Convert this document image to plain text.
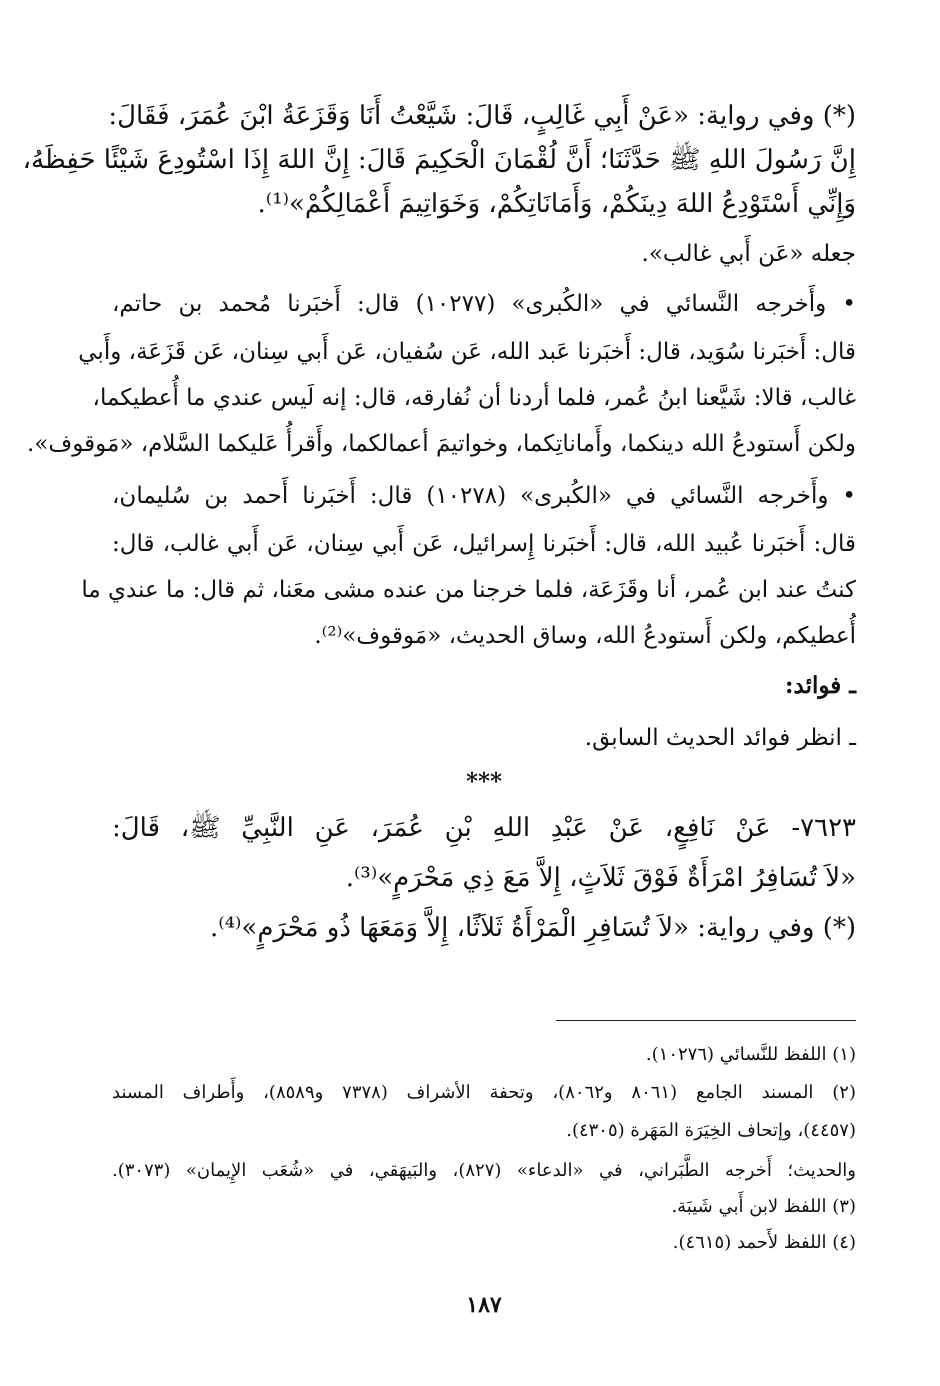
(*) وفي رواية: «عَنْ أَبِي غَالِبٍ، قَالَ: شَيَّعْتُ أَنَا وَقَزَعَةُ ابْنَ عُمَرَ، فَقَالَ:
إِنَّ رَسُولَ اللهِ ﷺ حَدَّثَنَا؛ أَنَّ لُقْمَانَ الْحَكِيمَ قَالَ: إِنَّ اللهَ إِذَا اسْتُودِعَ شَيْئًا حَفِظَهُ،
وَإِنِّي أَسْتَوْدِعُ اللهَ دِينَكُمْ، وَأَمَانَاتِكُمْ، وَخَوَاتِيمَ أَعْمَالِكُمْ»⁽¹⁾.
جعله «عَن أَبي غالب».
• وأَخرجه النَّسائي في «الكُبرى» (١٠٢٧٧) قال: أَخبَرنا مُحمد بن حاتم،
قال: أَخبَرنا سُوَيد، قال: أَخبَرنا عَبد الله، عَن سُفيان، عَن أَبي سِنان، عَن قَزَعَة، وأَبي
غالب، قالا: شَيَّعنا ابنُ عُمر، فلما أردنا أن نُفارقه، قال: إنه لَيس عندي ما أُعطيكما،
ولكن أَستودعُ الله دينكما، وأَماناتِكما، وخواتيمَ أعمالكما، وأَقرأُ عَليكما السَّلام، «مَوقوف».
• وأَخرجه النَّسائي في «الكُبرى» (١٠٢٧٨) قال: أَخبَرنا أَحمد بن سُليمان،
قال: أَخبَرنا عُبيد الله، قال: أَخبَرنا إِسرائيل، عَن أَبي سِنان، عَن أَبي غالب، قال:
كنتُ عند ابن عُمر، أنا وقَزَعَة، فلما خرجنا من عنده مشى معَنا، ثم قال: ما عندي ما
أُعطيكم، ولكن أَستودعُ الله، وساق الحديث، «مَوقوف»⁽²⁾.
ـ فوائد:
ـ انظر فوائد الحديث السابق.
***
٧٦٢٣- عَنْ نَافِعٍ، عَنْ عَبْدِ اللهِ بْنِ عُمَرَ، عَنِ النَّبِيِّ ﷺ، قَالَ:
«لاَ تُسَافِرُ امْرَأَةٌ فَوْقَ ثَلاَثٍ، إِلاَّ مَعَ ذِي مَحْرَمٍ»⁽³⁾.
(*) وفي رواية: «لاَ تُسَافِرِ الْمَرْأَةُ ثَلاَثًا، إِلاَّ وَمَعَهَا ذُو مَحْرَمٍ»⁽⁴⁾.
(١) اللفظ للنَّسائي (١٠٢٧٦).
(٢) المسند الجامع (٨٠٦١ و٨٠٦٢)، وتحفة الأشراف (٧٣٧٨ و٨٥٨٩)، وأَطراف المسند
(٤٤٥٧)، وإتحاف الخِيَرَة المَهَرة (٤٣٠٥).
والحديث؛ أَخرجه الطَّبَراني، في «الدعاء» (٨٢٧)، والبَيهَقي، في «شُعَب الإِيمان» (٣٠٧٣).
(٣) اللفظ لابن أَبي شَيبَة.
(٤) اللفظ لأَحمد (٤٦١٥).
١٨٧
